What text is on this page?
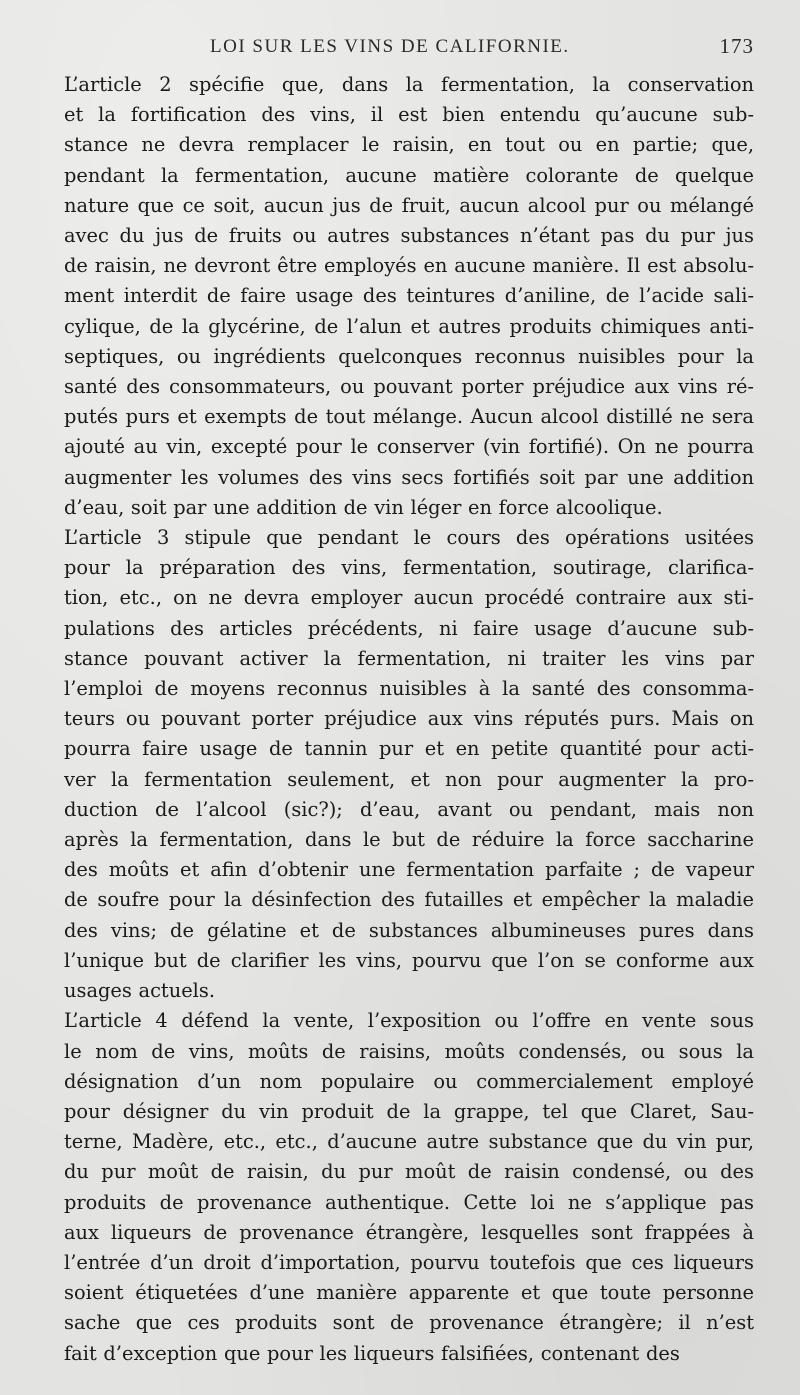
LOI SUR LES VINS DE CALIFORNIE.	173

L’article 2 spécifie que, dans la fermentation, la conservation
et la fortification des vins, il est bien entendu qu’aucune sub-
stance ne devra remplacer le raisin, en tout ou en partie; que,
pendant la fermentation, aucune matière colorante de quelque
nature que ce soit, aucun jus de fruit, aucun alcool pur ou mélangé
avec du jus de fruits ou autres substances n’étant pas du pur jus
de raisin, ne devront être employés en aucune manière. Il est absolu-
ment interdit de faire usage des teintures d’aniline, de l’acide sali-
cylique, de la glycérine, de l’alun et autres produits chimiques anti-
septiques, ou ingrédients quelconques reconnus nuisibles pour la
santé des consommateurs, ou pouvant porter préjudice aux vins ré-
putés purs et exempts de tout mélange. Aucun alcool distillé ne sera
ajouté au vin, excepté pour le conserver (vin fortifié). On ne pourra
augmenter les volumes des vins secs fortifiés soit par une addition
d’eau, soit par une addition de vin léger en force alcoolique.

L’article 3 stipule que pendant le cours des opérations usitées
pour la préparation des vins, fermentation, soutirage, clarifica-
tion, etc., on ne devra employer aucun procédé contraire aux sti-
pulations des articles précédents, ni faire usage d’aucune sub-
stance pouvant activer la fermentation, ni traiter les vins par
l’emploi de moyens reconnus nuisibles à la santé des consomma-
teurs ou pouvant porter préjudice aux vins réputés purs. Mais on
pourra faire usage de tannin pur et en petite quantité pour acti-
ver la fermentation seulement, et non pour augmenter la pro-
duction de l’alcool (sic?); d’eau, avant ou pendant, mais non
après la fermentation, dans le but de réduire la force saccharine
des moûts et afin d’obtenir une fermentation parfaite ; de vapeur
de soufre pour la désinfection des futailles et empêcher la maladie
des vins; de gélatine et de substances albumineuses pures dans
l’unique but de clarifier les vins, pourvu que l’on se conforme aux
usages actuels.

L’article 4 défend la vente, l’exposition ou l’offre en vente sous
le nom de vins, moûts de raisins, moûts condensés, ou sous la
désignation d’un nom populaire ou commercialement employé
pour désigner du vin produit de la grappe, tel que Claret, Sau-
terne, Madère, etc., etc., d’aucune autre substance que du vin pur,
du pur moût de raisin, du pur moût de raisin condensé, ou des
produits de provenance authentique. Cette loi ne s’applique pas
aux liqueurs de provenance étrangère, lesquelles sont frappées à
l’entrée d’un droit d’importation, pourvu toutefois que ces liqueurs
soient étiquetées d’une manière apparente et que toute personne
sache que ces produits sont de provenance étrangère; il n’est
fait d’exception que pour les liqueurs falsifiées, contenant des
